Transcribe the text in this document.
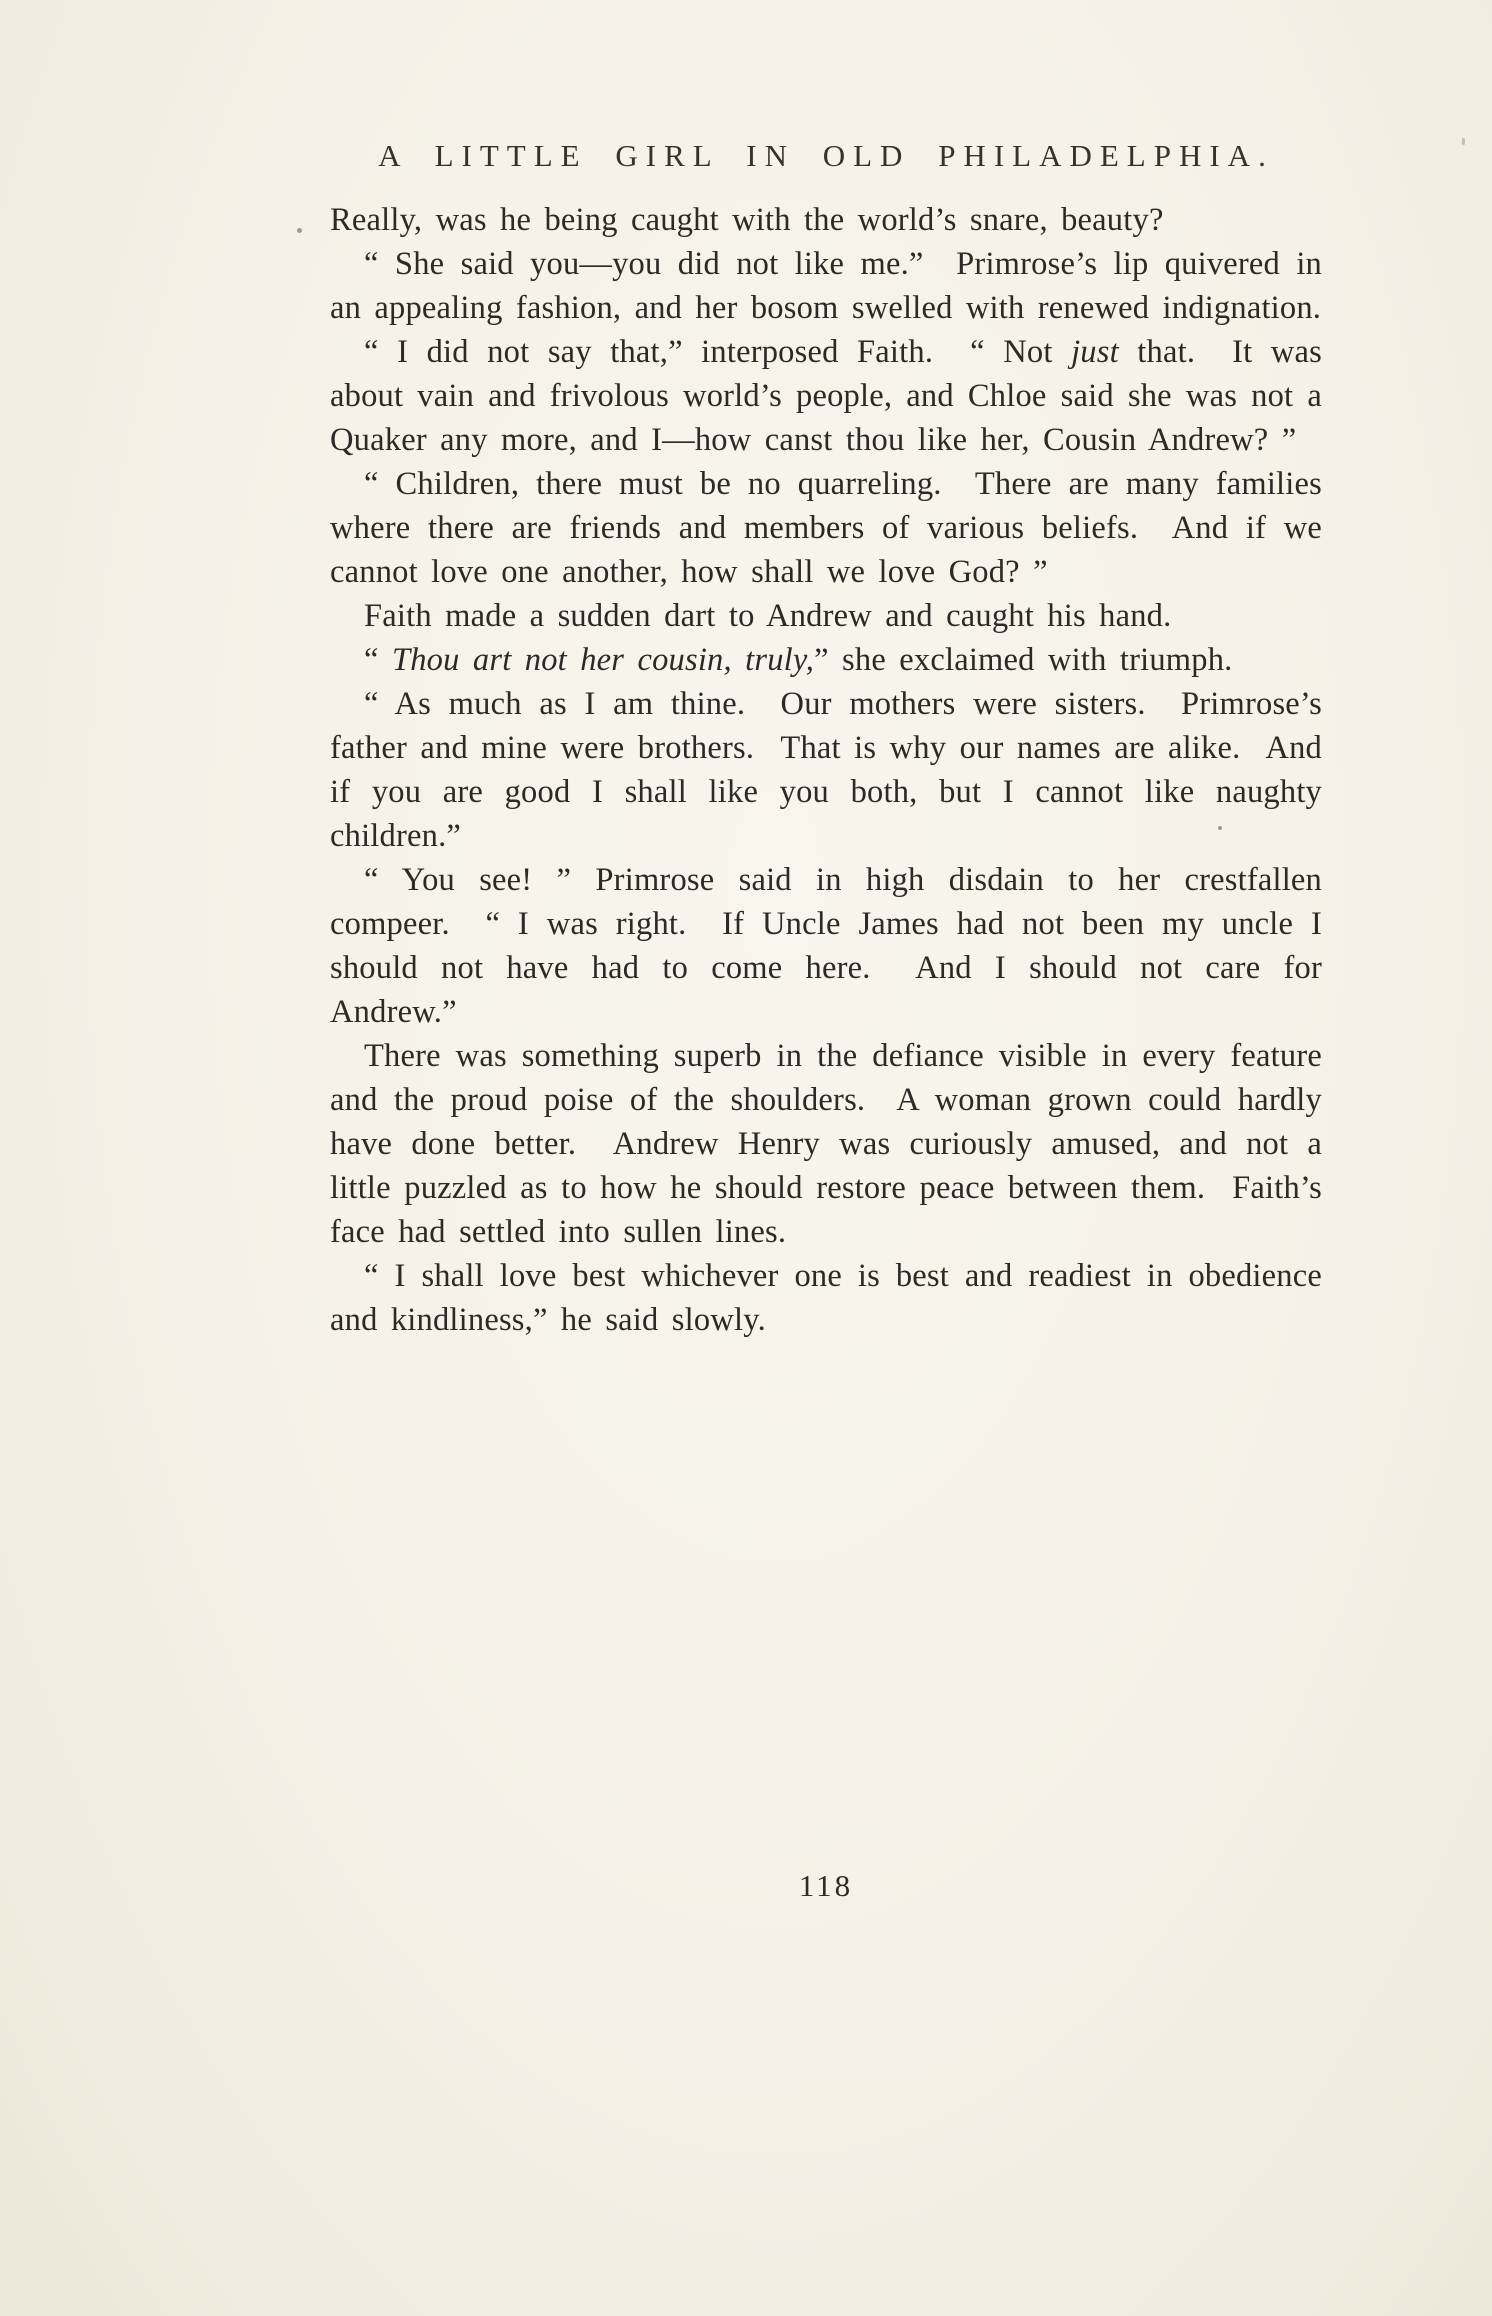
A LITTLE GIRL IN OLD PHILADELPHIA.

Really, was he being caught with the world’s snare, beauty?

“ She said you—you did not like me.”  Primrose’s lip quivered in an appealing fashion, and her bosom swelled with renewed indignation.

“ I did not say that,” interposed Faith.  “ Not just that.  It was about vain and frivolous world’s people, and Chloe said she was not a Quaker any more, and I—how canst thou like her, Cousin Andrew? ”

“ Children, there must be no quarreling.  There are many families where there are friends and members of various beliefs.  And if we cannot love one another, how shall we love God? ”

Faith made a sudden dart to Andrew and caught his hand.

“ Thou art not her cousin, truly,” she exclaimed with triumph.

“ As much as I am thine.  Our mothers were sisters.  Primrose’s father and mine were brothers.  That is why our names are alike.  And if you are good I shall like you both, but I cannot like naughty children.”

“ You see! ” Primrose said in high disdain to her crestfallen compeer.  “ I was right.  If Uncle James had not been my uncle I should not have had to come here.  And I should not care for Andrew.”

There was something superb in the defiance visible in every feature and the proud poise of the shoulders.  A woman grown could hardly have done better.  Andrew Henry was curiously amused, and not a little puzzled as to how he should restore peace between them.  Faith’s face had settled into sullen lines.

“ I shall love best whichever one is best and readiest in obedience and kindliness,” he said slowly.

118
